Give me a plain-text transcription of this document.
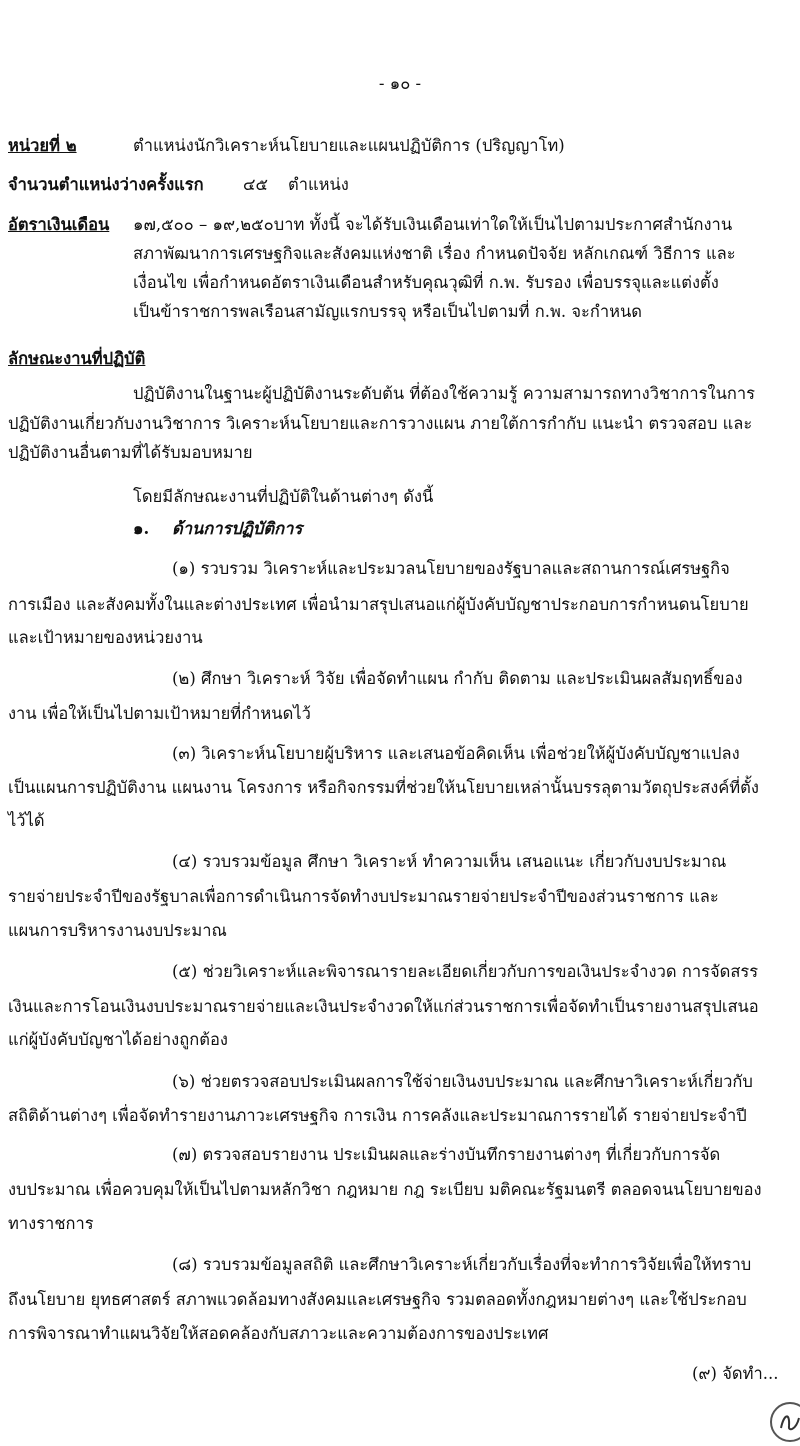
- ๑๐ -
หน่วยที่ ๒	ตำแหน่งนักวิเคราะห์นโยบายและแผนปฏิบัติการ (ปริญญาโท)
จำนวนตำแหน่งว่างครั้งแรก ๔๕ ตำแหน่ง
อัตราเงินเดือน ๑๗,๕๐๐ – ๑๙,๒๕๐บาท ทั้งนี้ จะได้รับเงินเดือนเท่าใดให้เป็นไปตามประกาศสำนักงาน
สภาพัฒนาการเศรษฐกิจและสังคมแห่งชาติ เรื่อง กำหนดปัจจัย หลักเกณฑ์ วิธีการ และ
เงื่อนไข เพื่อกำหนดอัตราเงินเดือนสำหรับคุณวุฒิที่ ก.พ. รับรอง เพื่อบรรจุและแต่งตั้ง
เป็นข้าราชการพลเรือนสามัญแรกบรรจุ หรือเป็นไปตามที่ ก.พ. จะกำหนด
ลักษณะงานที่ปฏิบัติ
ปฏิบัติงานในฐานะผู้ปฏิบัติงานระดับต้น ที่ต้องใช้ความรู้ ความสามารถทางวิชาการในการ
ปฏิบัติงานเกี่ยวกับงานวิชาการ วิเคราะห์นโยบายและการวางแผน ภายใต้การกำกับ แนะนำ ตรวจสอบ และ
ปฏิบัติงานอื่นตามที่ได้รับมอบหมาย
โดยมีลักษณะงานที่ปฏิบัติในด้านต่างๆ ดังนี้
๑. ด้านการปฏิบัติการ
(๑) รวบรวม วิเคราะห์และประมวลนโยบายของรัฐบาลและสถานการณ์เศรษฐกิจ
การเมือง และสังคมทั้งในและต่างประเทศ เพื่อนำมาสรุปเสนอแก่ผู้บังคับบัญชาประกอบการกำหนดนโยบาย
และเป้าหมายของหน่วยงาน
(๒) ศึกษา วิเคราะห์ วิจัย เพื่อจัดทำแผน กำกับ ติดตาม และประเมินผลสัมฤทธิ์ของ
งาน เพื่อให้เป็นไปตามเป้าหมายที่กำหนดไว้
(๓) วิเคราะห์นโยบายผู้บริหาร และเสนอข้อคิดเห็น เพื่อช่วยให้ผู้บังคับบัญชาแปลง
เป็นแผนการปฏิบัติงาน แผนงาน โครงการ หรือกิจกรรมที่ช่วยให้นโยบายเหล่านั้นบรรลุตามวัตถุประสงค์ที่ตั้ง
ไว้ได้
(๔) รวบรวมข้อมูล ศึกษา วิเคราะห์ ทำความเห็น เสนอแนะ เกี่ยวกับงบประมาณ
รายจ่ายประจำปีของรัฐบาลเพื่อการดำเนินการจัดทำงบประมาณรายจ่ายประจำปีของส่วนราชการ และ
แผนการบริหารงานงบประมาณ
(๕) ช่วยวิเคราะห์และพิจารณารายละเอียดเกี่ยวกับการขอเงินประจำงวด การจัดสรร
เงินและการโอนเงินงบประมาณรายจ่ายและเงินประจำงวดให้แก่ส่วนราชการเพื่อจัดทำเป็นรายงานสรุปเสนอ
แก่ผู้บังคับบัญชาได้อย่างถูกต้อง
(๖) ช่วยตรวจสอบประเมินผลการใช้จ่ายเงินงบประมาณ และศึกษาวิเคราะห์เกี่ยวกับ
สถิติด้านต่างๆ เพื่อจัดทำรายงานภาวะเศรษฐกิจ การเงิน การคลังและประมาณการรายได้ รายจ่ายประจำปี
(๗) ตรวจสอบรายงาน ประเมินผลและร่างบันทึกรายงานต่างๆ ที่เกี่ยวกับการจัด
งบประมาณ เพื่อควบคุมให้เป็นไปตามหลักวิชา กฎหมาย กฎ ระเบียบ มติคณะรัฐมนตรี ตลอดจนนโยบายของ
ทางราชการ
(๘) รวบรวมข้อมูลสถิติ และศึกษาวิเคราะห์เกี่ยวกับเรื่องที่จะทำการวิจัยเพื่อให้ทราบ
ถึงนโยบาย ยุทธศาสตร์ สภาพแวดล้อมทางสังคมและเศรษฐกิจ รวมตลอดทั้งกฎหมายต่างๆ และใช้ประกอบ
การพิจารณาทำแผนวิจัยให้สอดคล้องกับสภาวะและความต้องการของประเทศ
(๙) จัดทำ...
